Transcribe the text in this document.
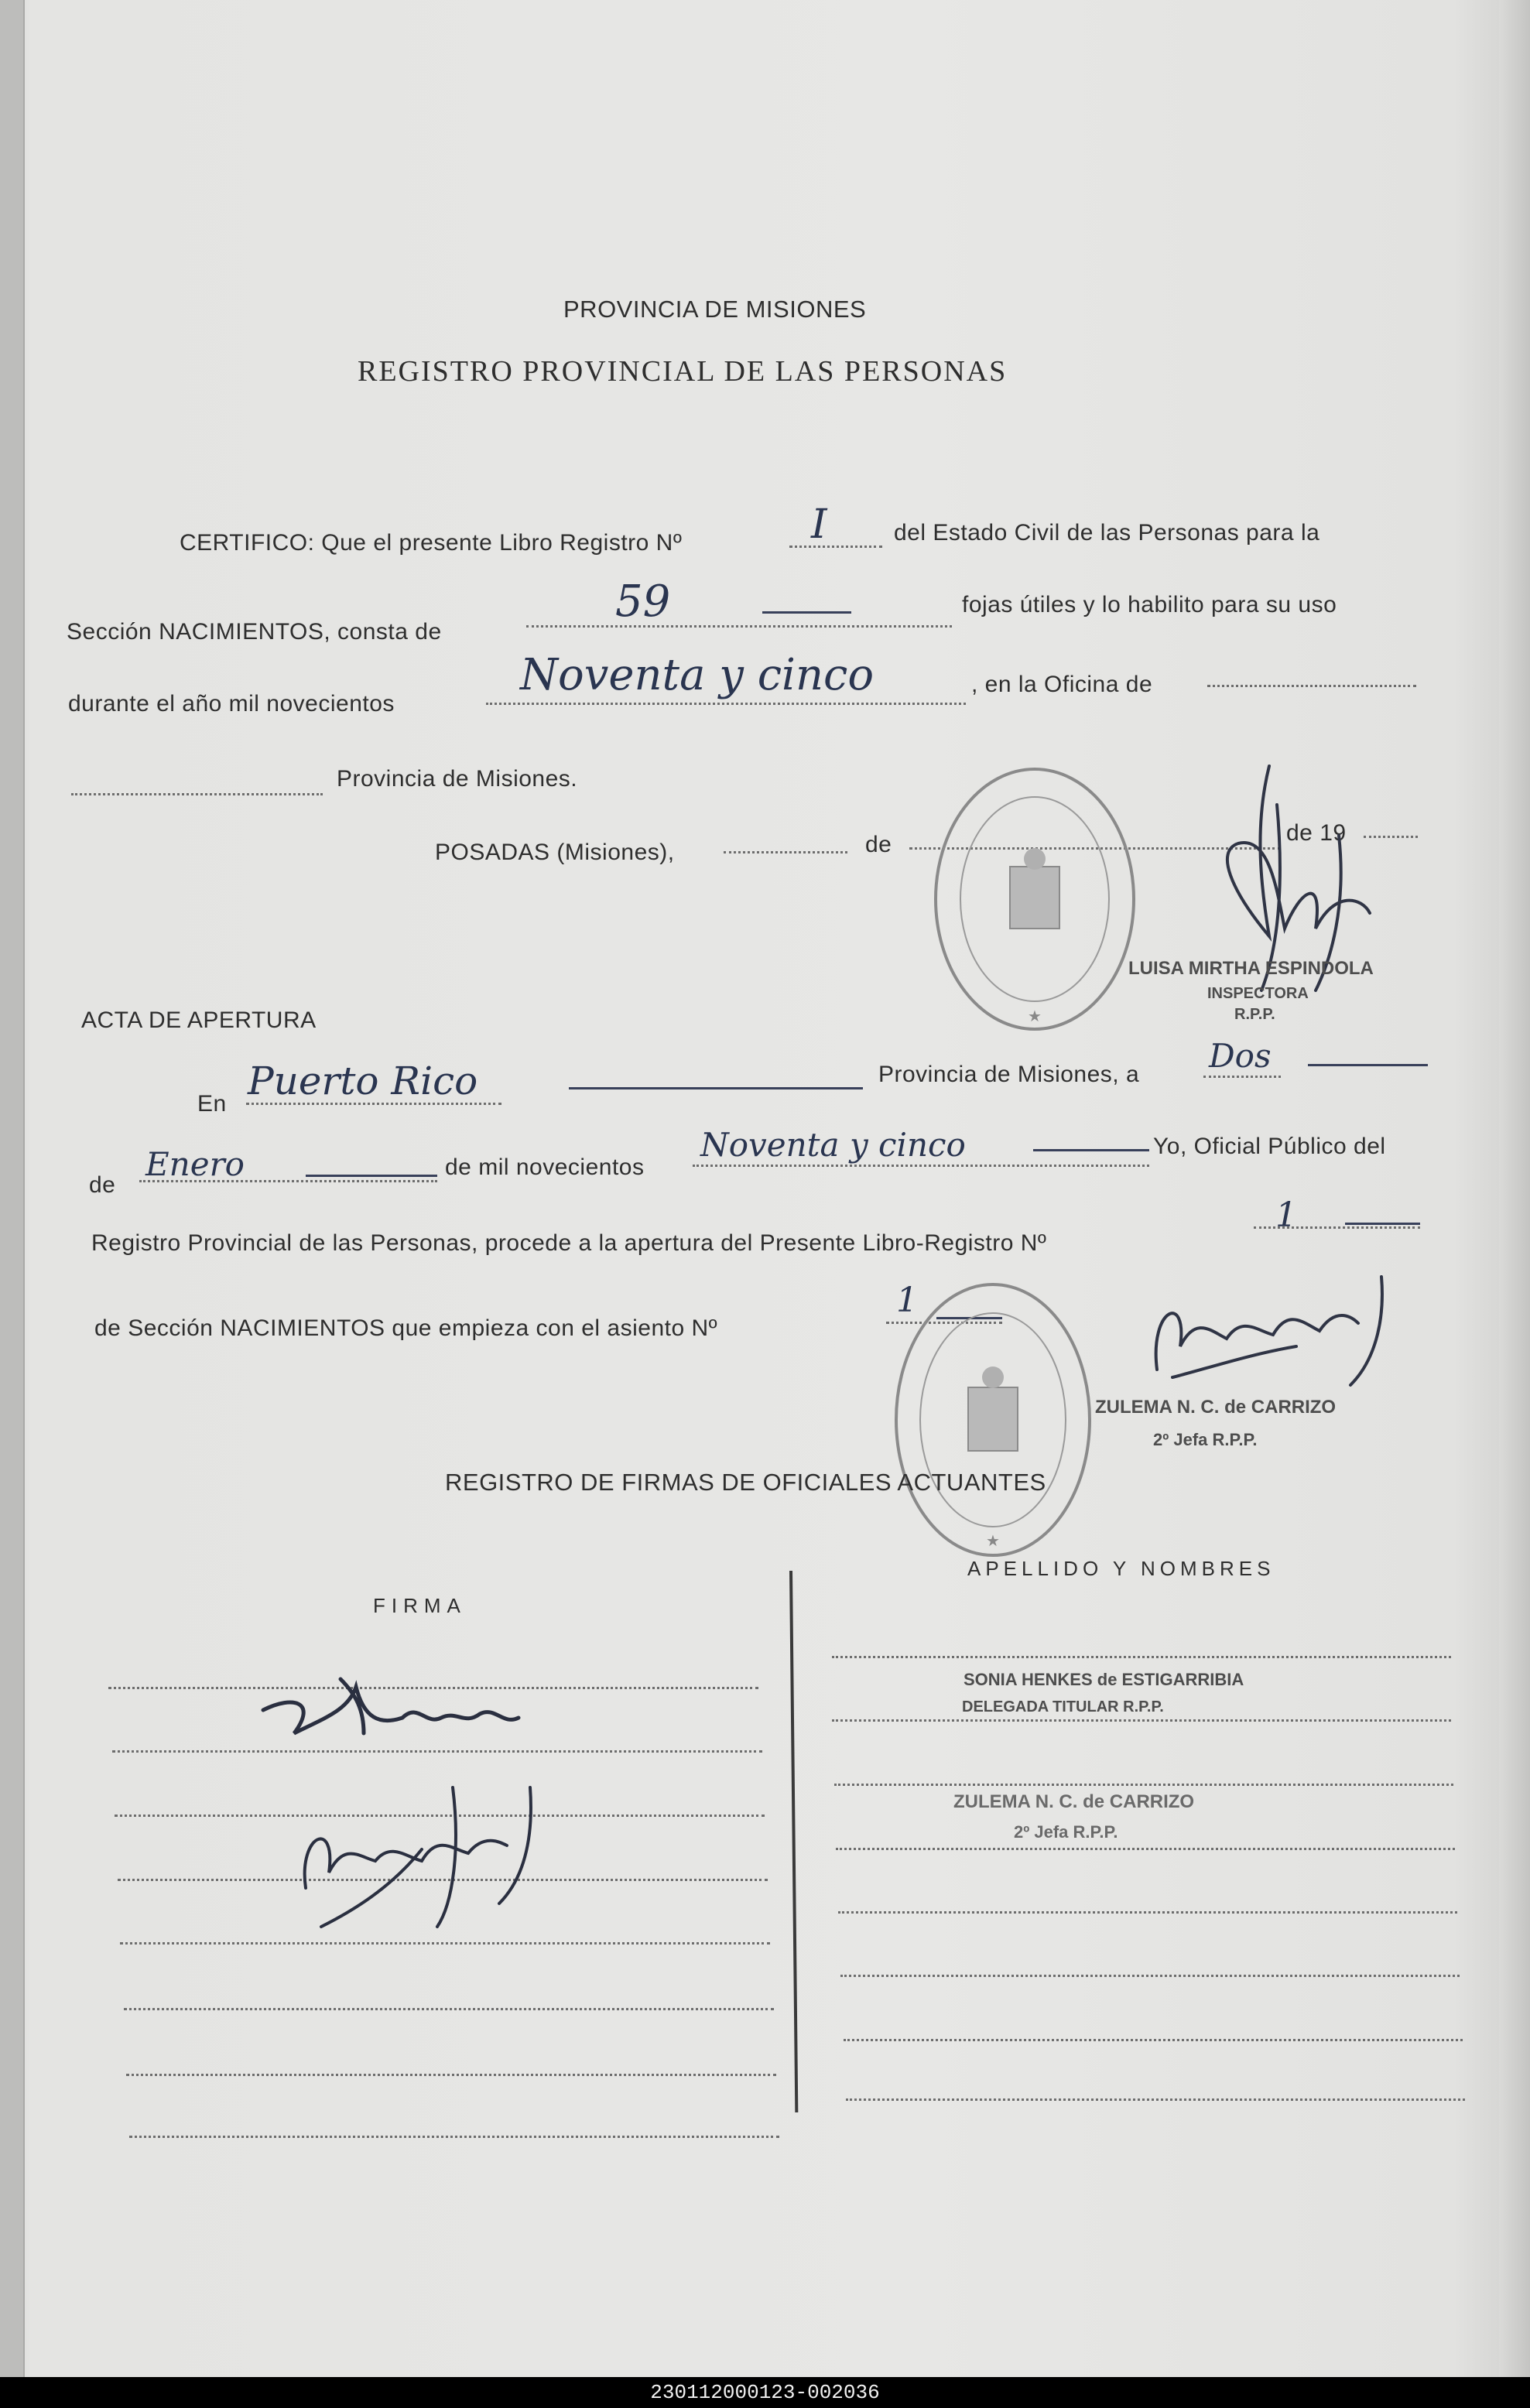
PROVINCIA DE MISIONES
REGISTRO PROVINCIAL DE LAS PERSONAS
CERTIFICO: Que el presente Libro Registro Nº	I	del Estado Civil de las Personas para la
Sección NACIMIENTOS, consta de
59	fojas útiles y lo habilito para su uso
durante el año mil novecientos
Noventa y cinco	, en la Oficina de
Provincia de Misiones.
POSADAS (Misiones),	de	de 19
★
LUISA MIRTHA ESPINDOLA
INSPECTORA
R.P.P.
ACTA DE APERTURA
En
Puerto Rico	Provincia de Misiones, a Dos
de
Enero	de mil novecientos
Noventa y cinco	Yo, Oficial Público del
Registro Provincial de las Personas, procede a la apertura del Presente Libro-Registro Nº
1
de Sección NACIMIENTOS que empieza con el asiento Nº
1
★
ZULEMA N. C. de CARRIZO
2º Jefa R.P.P.
REGISTRO DE FIRMAS DE OFICIALES ACTUANTES
FIRMA
APELLIDO Y NOMBRES
SONIA HENKES de ESTIGARRIBIA
DELEGADA TITULAR R.P.P.
ZULEMA N. C. de CARRIZO
2º Jefa R.P.P.
230112000123-002036
